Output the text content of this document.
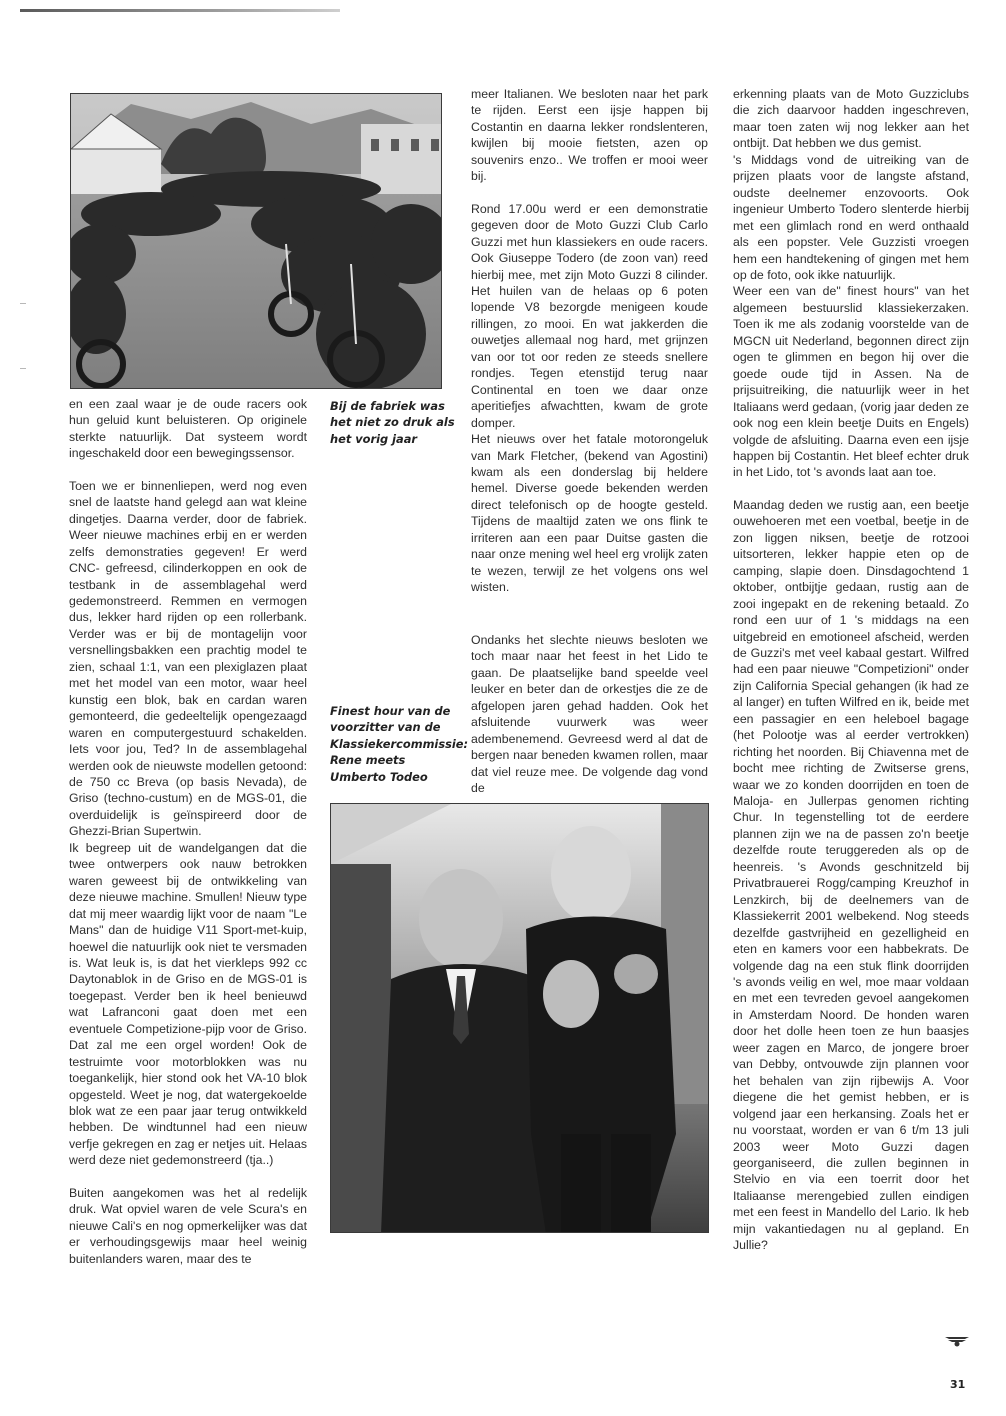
Bij de fabriek was
het niet zo druk als
het vorig jaar
Finest hour van de
voorzitter van de
Klassiekercommissie:
Rene meets
Umberto Todeo

en een zaal waar je de oude racers ook hun geluid kunt beluisteren. Op originele sterkte natuurlijk. Dat systeem wordt ingeschakeld door een bewegingssensor.

Toen we er binnenliepen, werd nog even snel de laatste hand gelegd aan wat kleine dingetjes. Daarna verder, door de fabriek. Weer nieuwe machines erbij en er werden zelfs demonstraties gegeven! Er werd CNC- gefreesd, cilinderkoppen en ook de testbank in de assemblagehal werd gedemonstreerd. Remmen en vermogen dus, lekker hard rijden op een rollerbank. Verder was er bij de montagelijn voor versnellingsbakken een prachtig model te zien, schaal 1:1, van een plexiglazen plaat met het model van een motor, waar heel kunstig een blok, bak en cardan waren gemonteerd, die gedeeltelijk opengezaagd waren en computergestuurd schakelden. Iets voor jou, Ted? In de assemblagehal werden ook de nieuwste modellen getoond: de 750 cc Breva (op basis Nevada), de Griso (techno-custum) en de MGS-01, die overduidelijk is geïnspireerd door de Ghezzi-Brian Supertwin.

Ik begreep uit de wandelgangen dat die twee ontwerpers ook nauw betrokken waren geweest bij de ontwikkeling van deze nieuwe machine. Smullen! Nieuw type dat mij meer waardig lijkt voor de naam "Le Mans" dan de huidige V11 Sport-met-kuip, hoewel die natuurlijk ook niet te versmaden is. Wat leuk is, is dat het vierkleps 992 cc Daytonablok in de Griso en de MGS-01 is toegepast. Verder ben ik heel benieuwd wat Lafranconi gaat doen met een eventuele Competizione-pijp voor de Griso. Dat zal me een orgel worden! Ook de testruimte voor motorblokken was nu toegankelijk, hier stond ook het VA-10 blok opgesteld. Weet je nog, dat watergekoelde blok wat ze een paar jaar terug ontwikkeld hebben. De windtunnel had een nieuw verfje gekregen en zag er netjes uit. Helaas werd deze niet gedemonstreerd (tja..)

Buiten aangekomen was het al redelijk druk. Wat opviel waren de vele Scura's en nieuwe Cali's en nog opmerkelijker was dat er verhoudingsgewijs maar heel weinig buitenlanders waren, maar des te

meer Italianen. We besloten naar het park te rijden. Eerst een ijsje happen bij Costantin en daarna lekker rondslenteren, kwijlen bij mooie fietsten, azen op souvenirs enzo.. We troffen er mooi weer bij.

Rond 17.00u werd er een demonstratie gegeven door de Moto Guzzi Club Carlo Guzzi met hun klassiekers en oude racers. Ook Giuseppe Todero (de zoon van) reed hierbij mee, met zijn Moto Guzzi 8 cilinder. Het huilen van de helaas op 6 poten lopende V8 bezorgde menigeen koude rillingen, zo mooi. En wat jakkerden die ouwetjes allemaal nog hard, met grijnzen van oor tot oor reden ze steeds snellere rondjes. Tegen etenstijd terug naar Continental en toen we daar onze aperitiefjes afwachtten, kwam de grote domper.

Het nieuws over het fatale motorongeluk van Mark Fletcher, (bekend van Agostini) kwam als een donderslag bij heldere hemel. Diverse goede bekenden werden direct telefonisch op de hoogte gesteld. Tijdens de maaltijd zaten we ons flink te irriteren aan een paar Duitse gasten die naar onze mening wel heel erg vrolijk zaten te wezen, terwijl ze het volgens ons wel wisten.

Ondanks het slechte nieuws besloten we toch maar naar het feest in het Lido te gaan. De plaatselijke band speelde veel leuker en beter dan de orkestjes die ze de afgelopen jaren gehad hadden. Ook het afsluitende vuurwerk was weer adembenemend. Gevreesd werd al dat de bergen naar beneden kwamen rollen, maar dat viel reuze mee. De volgende dag vond de

erkenning plaats van de Moto Guzziclubs die zich daarvoor hadden ingeschreven, maar toen zaten wij nog lekker aan het ontbijt. Dat hebben we dus gemist.

's Middags vond de uitreiking van de prijzen plaats voor de langste afstand, oudste deelnemer enzovoorts. Ook ingenieur Umberto Todero slenterde hierbij met een glimlach rond en werd onthaald als een popster. Vele Guzzisti vroegen hem een handtekening of gingen met hem op de foto, ook ikke natuurlijk.

Weer een van de" finest hours" van het algemeen bestuurslid klassiekerzaken. Toen ik me als zodanig voorstelde van de MGCN uit Nederland, begonnen direct zijn ogen te glimmen en begon hij over die goede oude tijd in Assen. Na de prijsuitreiking, die natuurlijk weer in het Italiaans werd gedaan, (vorig jaar deden ze ook nog een klein beetje Duits en Engels) volgde de afsluiting. Daarna even een ijsje happen bij Costantin. Het bleef echter druk in het Lido, tot 's avonds laat aan toe.

Maandag deden we rustig aan, een beetje ouwehoeren met een voetbal, beetje in de zon liggen niksen, beetje de rotzooi uitsorteren, lekker happie eten op de camping, slapie doen. Dinsdagochtend 1 oktober, ontbijtje gedaan, rustig aan de zooi ingepakt en de rekening betaald. Zo rond een uur of 1 's middags na een uitgebreid en emotioneel afscheid, werden de Guzzi's met veel kabaal gestart. Wilfred had een paar nieuwe "Competizioni" onder zijn California Special gehangen (ik had ze al langer) en tuften Wilfred en ik, beide met een passagier en een heleboel bagage (het Polootje was al eerder vertrokken) richting het noorden. Bij Chiavenna met de bocht mee richting de Zwitserse grens, waar we zo konden doorrijden en toen de Maloja- en Jullerpas genomen richting Chur. In tegenstelling tot de eerdere plannen zijn we na de passen zo'n beetje dezelfde route teruggereden als op de heenreis. 's Avonds geschnitzeld bij Privatbrauerei Rogg/camping Kreuzhof in Lenzkirch, bij de deelnemers van de Klassiekerrit 2001 welbekend. Nog steeds dezelfde gastvrijheid en gezelligheid en eten en kamers voor een habbekrats. De volgende dag na een stuk flink doorrijden 's avonds veilig en wel, moe maar voldaan en met een tevreden gevoel aangekomen in Amsterdam Noord. De honden waren door het dolle heen toen ze hun baasjes weer zagen en Marco, de jongere broer van Debby, ontvouwde zijn plannen voor het behalen van zijn rijbewijs A. Voor diegene die het gemist hebben, er is volgend jaar een herkansing. Zoals het er nu voorstaat, worden er van 6 t/m 13 juli 2003 weer Moto Guzzi dagen georganiseerd, die zullen beginnen in Stelvio en via een toerrit door het Italiaanse merengebied zullen eindigen met een feest in Mandello del Lario. Ik heb mijn vakantiedagen nu al gepland. En Jullie?

31
